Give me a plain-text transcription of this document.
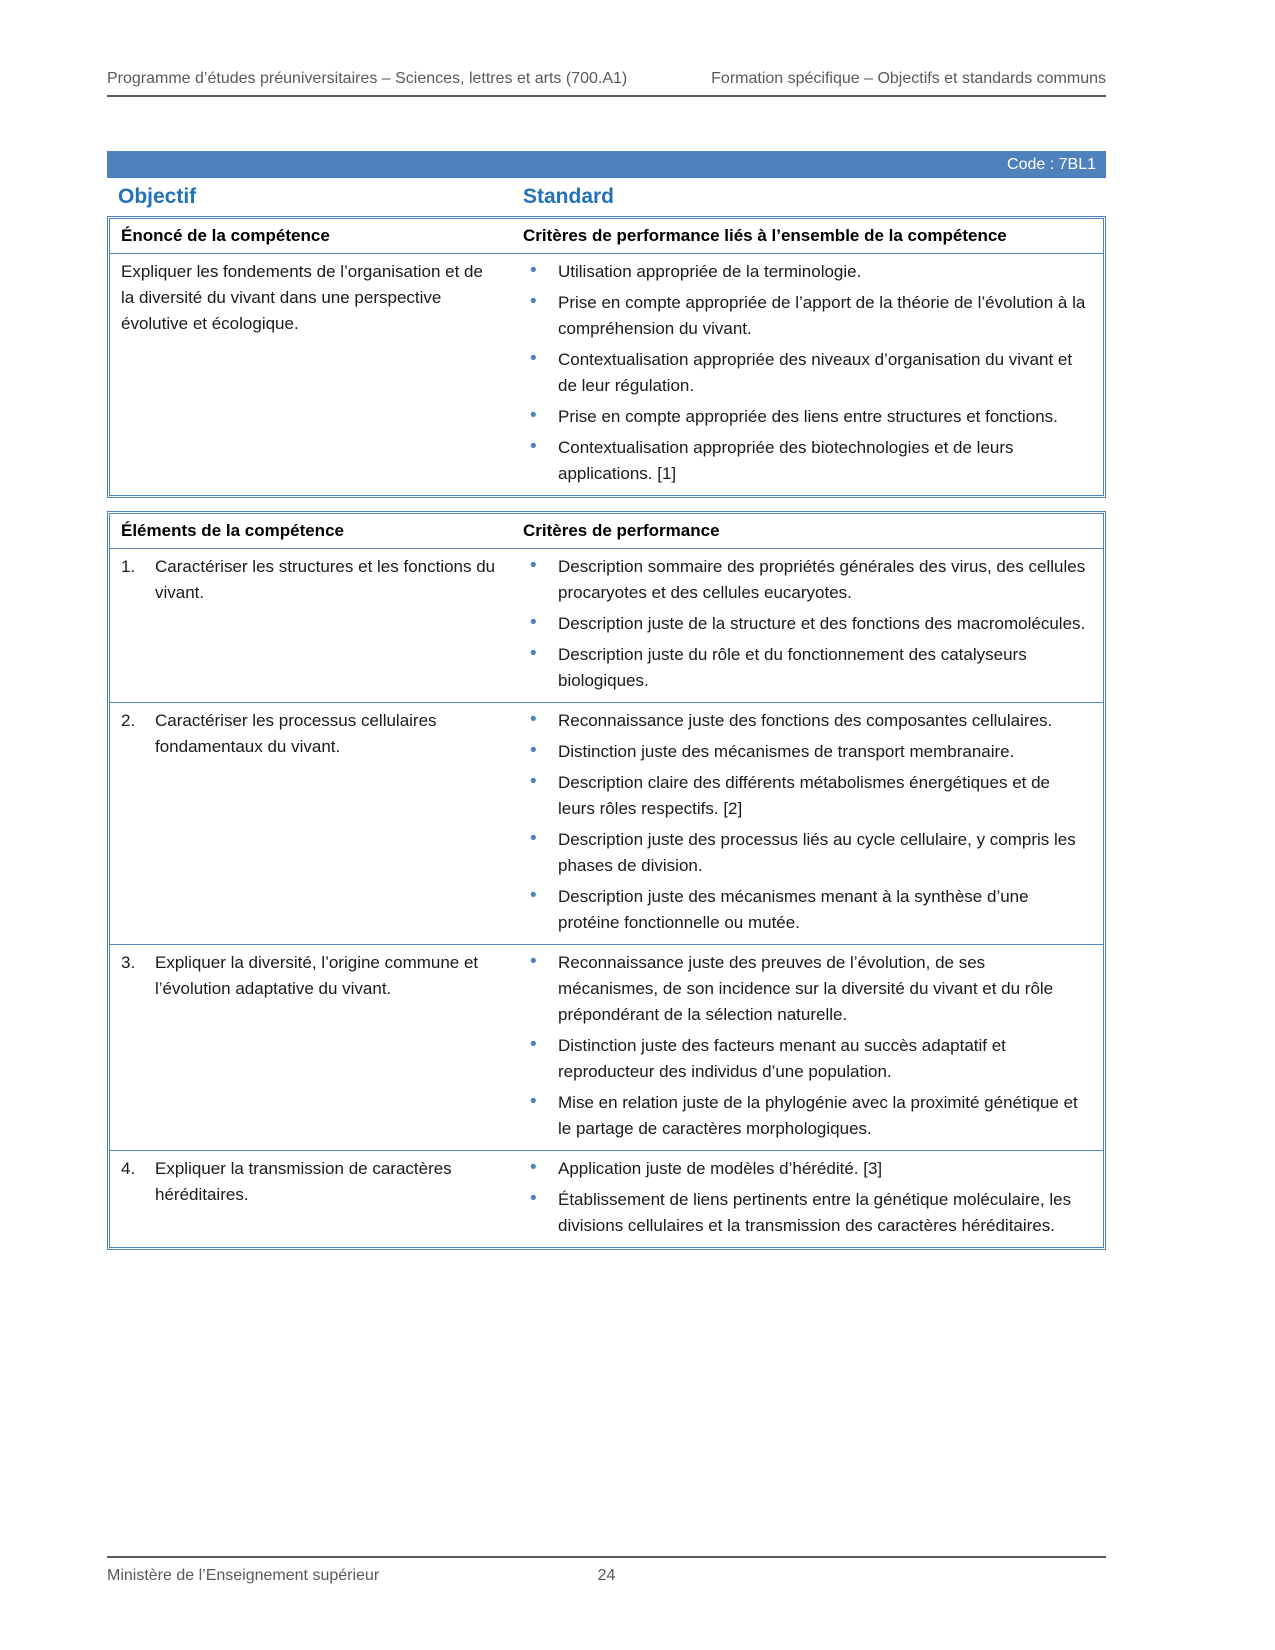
Programme d’études préuniversitaires – Sciences, lettres et arts (700.A1)	Formation spécifique – Objectifs et standards communs
Code : 7BL1
Objectif	Standard
Énoncé de la compétence	Critères de performance liés à l’ensemble de la compétence
Expliquer les fondements de l’organisation et de la diversité du vivant dans une perspective évolutive et écologique.
• Utilisation appropriée de la terminologie.
• Prise en compte appropriée de l’apport de la théorie de l’évolution à la compréhension du vivant.
• Contextualisation appropriée des niveaux d’organisation du vivant et de leur régulation.
• Prise en compte appropriée des liens entre structures et fonctions.
• Contextualisation appropriée des biotechnologies et de leurs applications. [1]
Éléments de la compétence	Critères de performance
1.	Caractériser les structures et les fonctions du vivant.
• Description sommaire des propriétés générales des virus, des cellules procaryotes et des cellules eucaryotes.
• Description juste de la structure et des fonctions des macromolécules.
• Description juste du rôle et du fonctionnement des catalyseurs biologiques.
2.	Caractériser les processus cellulaires fondamentaux du vivant.
• Reconnaissance juste des fonctions des composantes cellulaires.
• Distinction juste des mécanismes de transport membranaire.
• Description claire des différents métabolismes énergétiques et de leurs rôles respectifs. [2]
• Description juste des processus liés au cycle cellulaire, y compris les phases de division.
• Description juste des mécanismes menant à la synthèse d’une protéine fonctionnelle ou mutée.
3.	Expliquer la diversité, l’origine commune et l’évolution adaptative du vivant.
• Reconnaissance juste des preuves de l’évolution, de ses mécanismes, de son incidence sur la diversité du vivant et du rôle prépondérant de la sélection naturelle.
• Distinction juste des facteurs menant au succès adaptatif et reproducteur des individus d’une population.
• Mise en relation juste de la phylogénie avec la proximité génétique et le partage de caractères morphologiques.
4.	Expliquer la transmission de caractères héréditaires.
• Application juste de modèles d’hérédité. [3]
• Établissement de liens pertinents entre la génétique moléculaire, les divisions cellulaires et la transmission des caractères héréditaires.
Ministère de l’Enseignement supérieur	24
